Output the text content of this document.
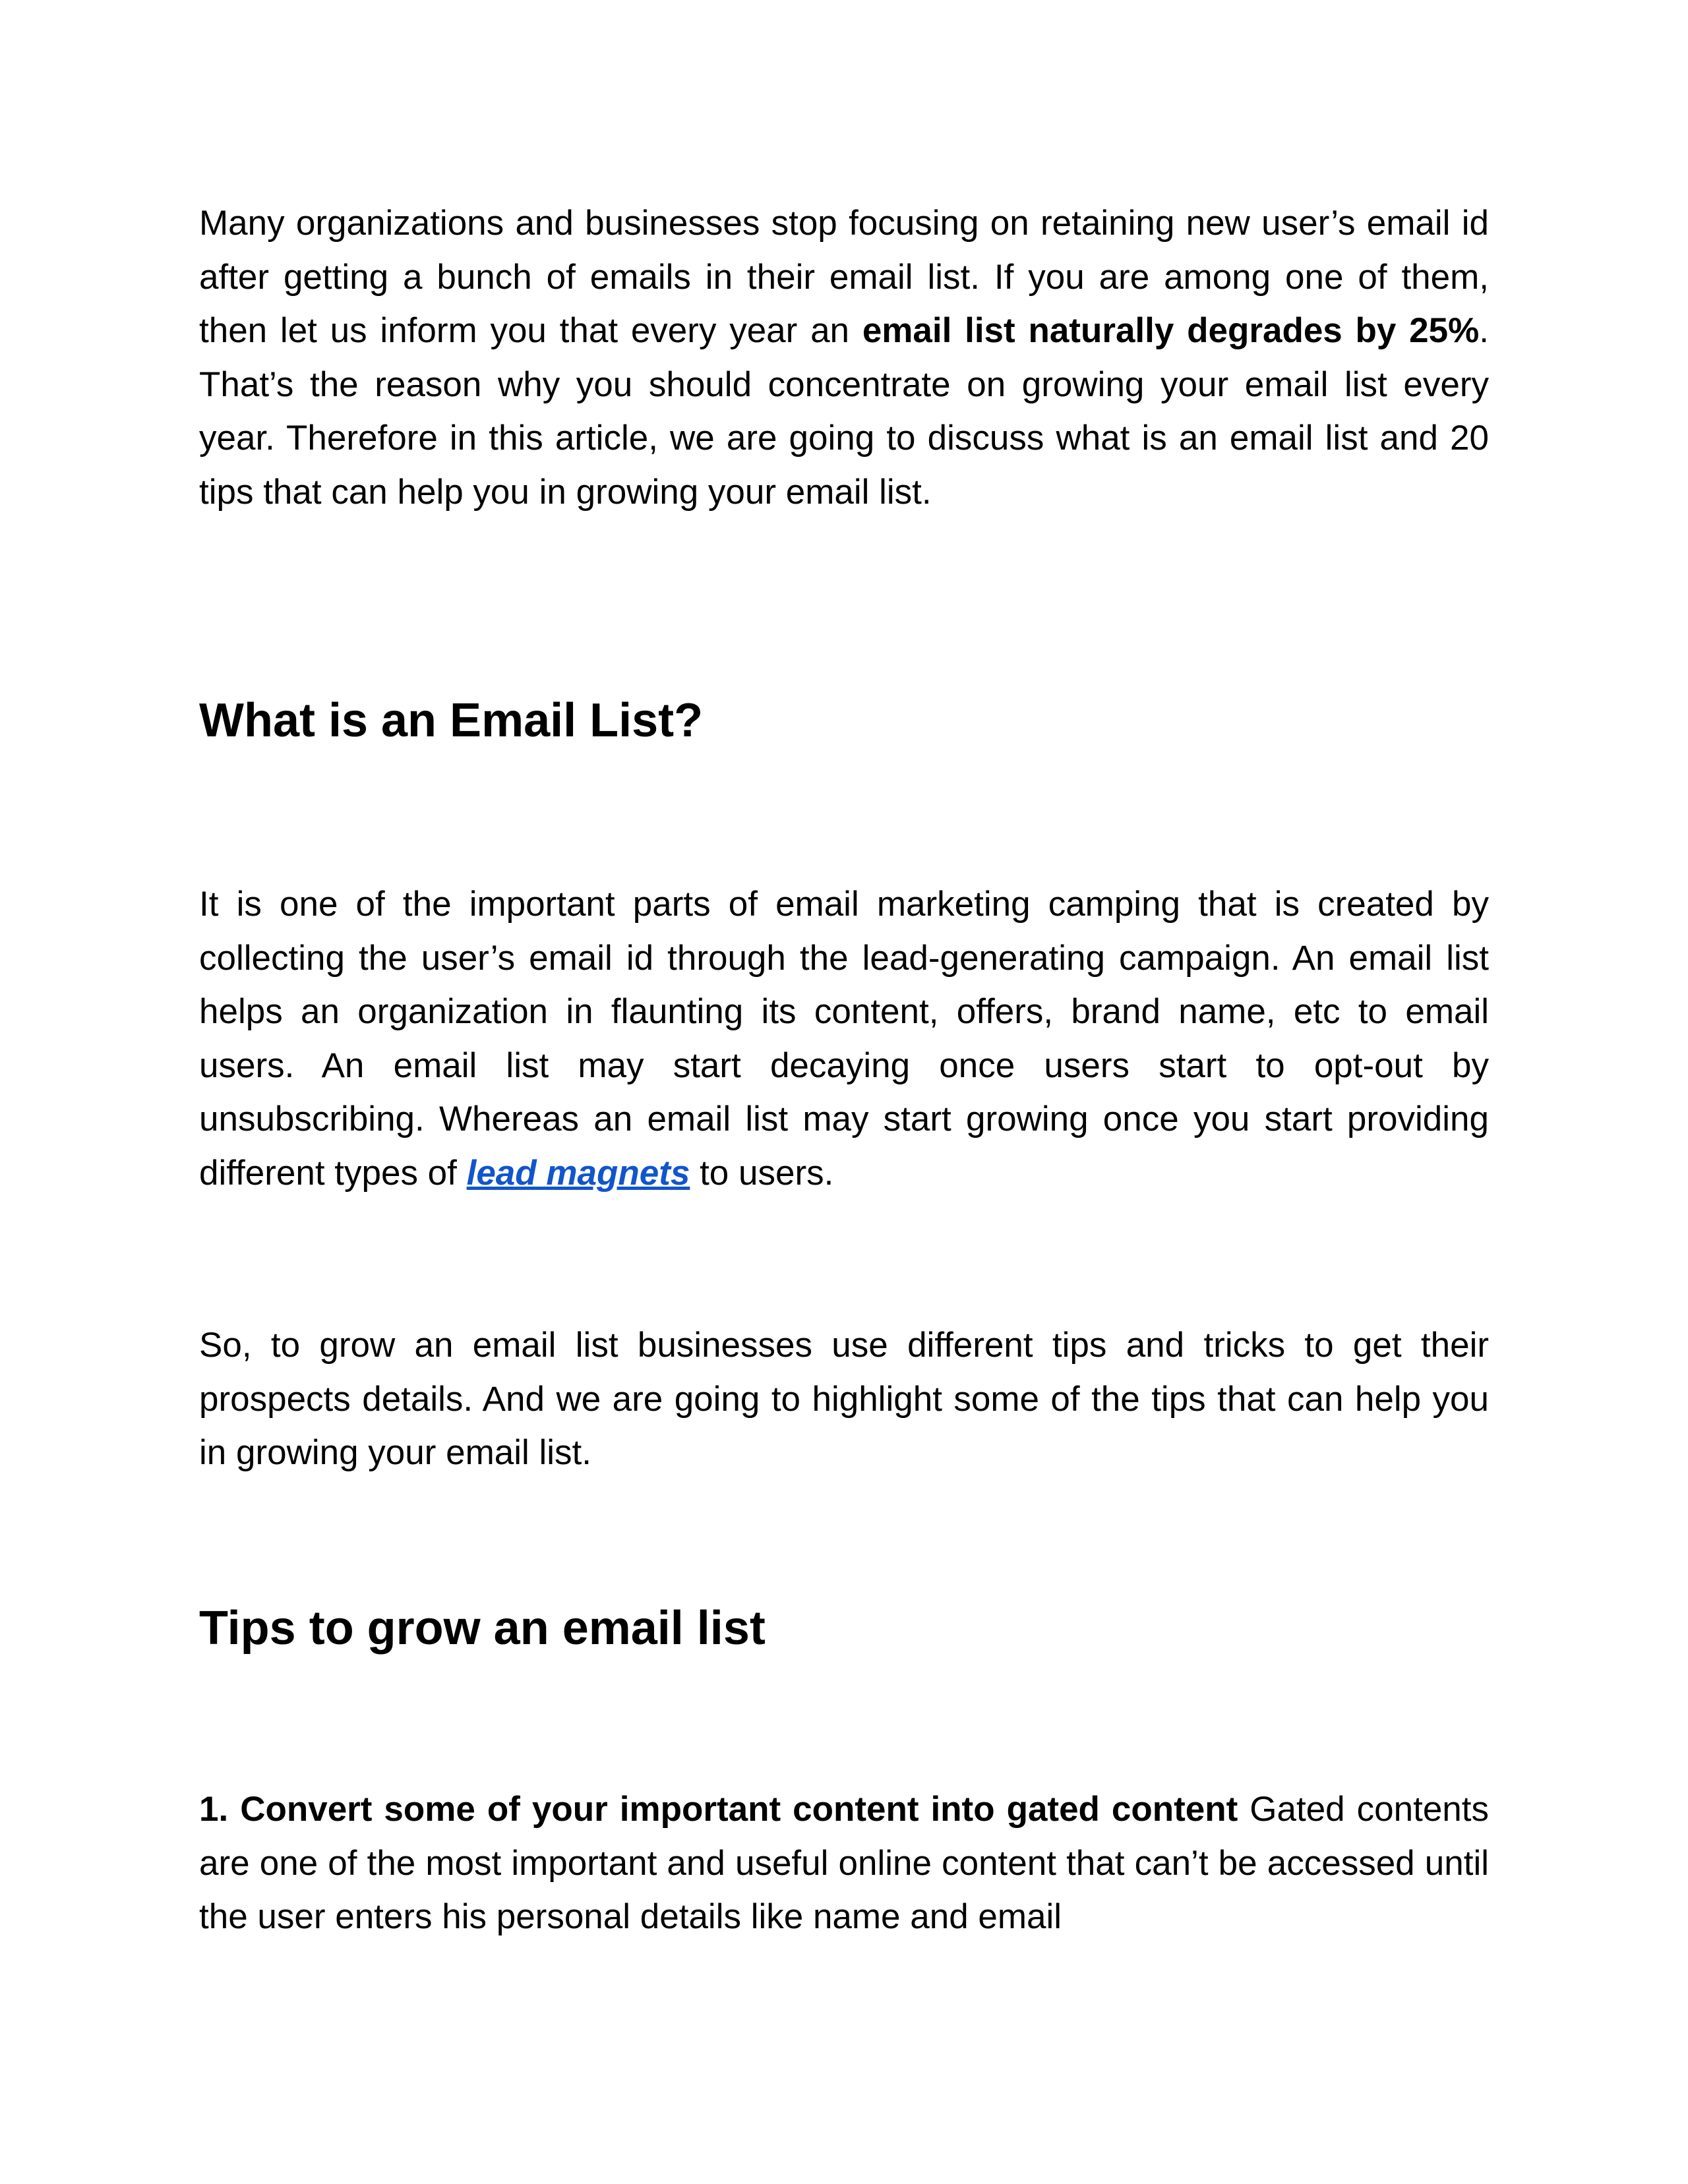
Many organizations and businesses stop focusing on retaining new user’s email id after getting a bunch of emails in their email list. If you are among one of them, then let us inform you that every year an email list naturally degrades by 25%. That’s the reason why you should concentrate on growing your email list every year. Therefore in this article, we are going to discuss what is an email list and 20 tips that can help you in growing your email list.

What is an Email List?

It is one of the important parts of email marketing camping that is created by collecting the user’s email id through the lead-generating campaign. An email list helps an organization in flaunting its content, offers, brand name, etc to email users. An email list may start decaying once users start to opt-out by unsubscribing. Whereas an email list may start growing once you start providing different types of lead magnets to users.

So, to grow an email list businesses use different tips and tricks to get their prospects details. And we are going to highlight some of the tips that can help you in growing your email list.

Tips to grow an email list

1. Convert some of your important content into gated content Gated contents are one of the most important and useful online content that can’t be accessed until the user enters his personal details like name and email
